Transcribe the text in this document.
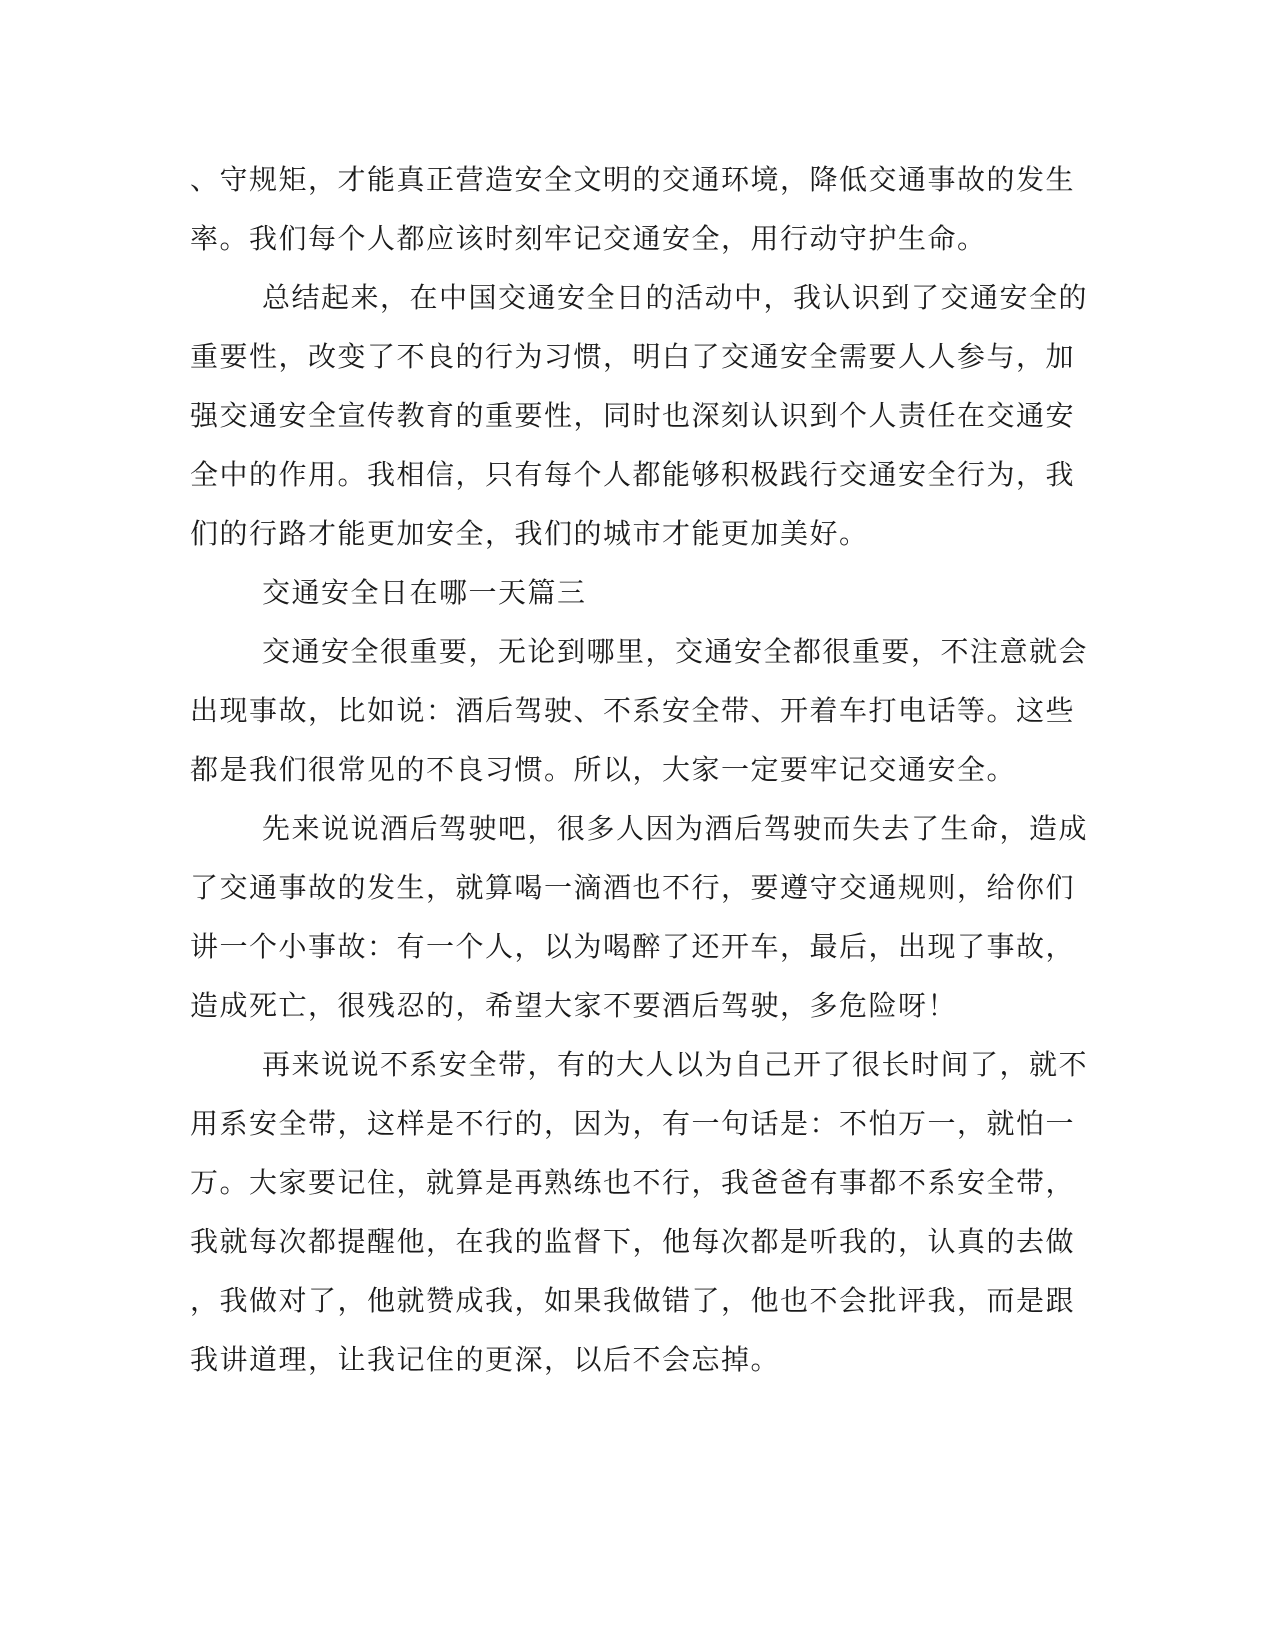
、守规矩，才能真正营造安全文明的交通环境，降低交通事故的发生

率。我们每个人都应该时刻牢记交通安全，用行动守护生命。

总结起来，在中国交通安全日的活动中，我认识到了交通安全的

重要性，改变了不良的行为习惯，明白了交通安全需要人人参与，加

强交通安全宣传教育的重要性，同时也深刻认识到个人责任在交通安

全中的作用。我相信，只有每个人都能够积极践行交通安全行为，我

们的行路才能更加安全，我们的城市才能更加美好。

交通安全日在哪一天篇三

交通安全很重要，无论到哪里，交通安全都很重要，不注意就会

出现事故，比如说：酒后驾驶、不系安全带、开着车打电话等。这些

都是我们很常见的不良习惯。所以，大家一定要牢记交通安全。

先来说说酒后驾驶吧，很多人因为酒后驾驶而失去了生命，造成

了交通事故的发生，就算喝一滴酒也不行，要遵守交通规则，给你们

讲一个小事故：有一个人，以为喝醉了还开车，最后，出现了事故，

造成死亡，很残忍的，希望大家不要酒后驾驶，多危险呀！

再来说说不系安全带，有的大人以为自己开了很长时间了，就不

用系安全带，这样是不行的，因为，有一句话是：不怕万一，就怕一

万。大家要记住，就算是再熟练也不行，我爸爸有事都不系安全带，

我就每次都提醒他，在我的监督下，他每次都是听我的，认真的去做

，我做对了，他就赞成我，如果我做错了，他也不会批评我，而是跟

我讲道理，让我记住的更深，以后不会忘掉。
